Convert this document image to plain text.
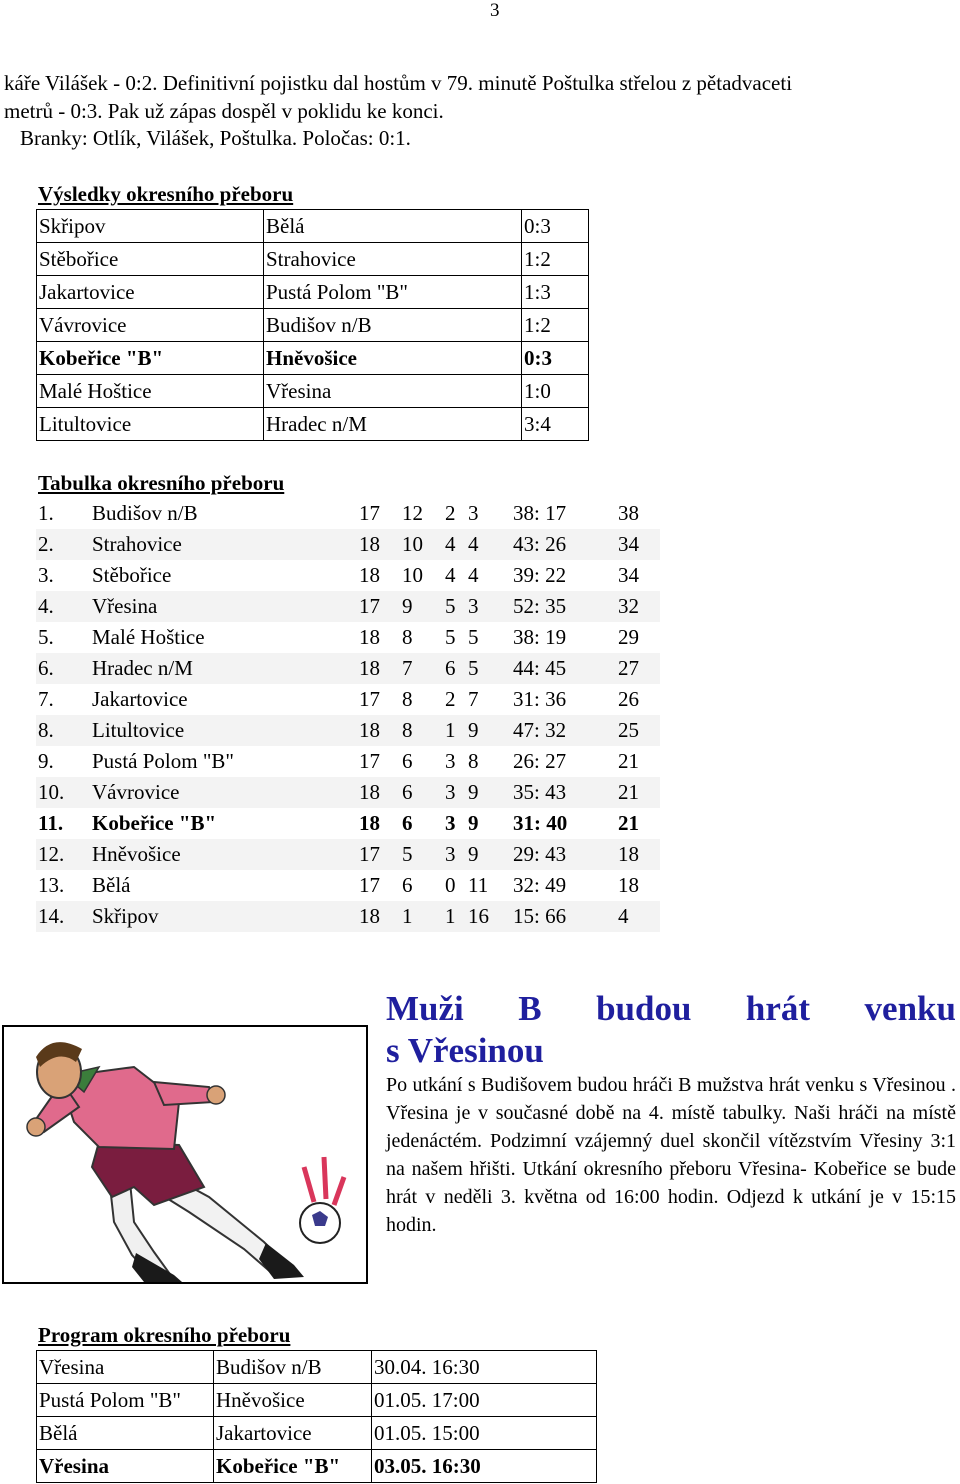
3
káře Vilášek - 0:2. Definitivní pojistku dal hostům v 79. minutě Poštulka střelou z pětadvaceti
metrů - 0:3. Pak už zápas dospěl v poklidu ke konci.
Branky: Otlík, Vilášek, Poštulka. Poločas: 0:1.
Výsledky okresního přeboru
Skřipov	Bělá	0:3
Stěbořice	Strahovice	1:2
Jakartovice	Pustá Polom "B"	1:3
Vávrovice	Budišov n/B	1:2
Kobeřice "B"	Hněvošice	0:3
Malé Hoštice	Vřesina	1:0
Litultovice	Hradec n/M	3:4
Tabulka okresního přeboru
1. Budišov n/B	17 12 2 3 38: 17 38
2. Strahovice	18 10 4 4 43: 26 34
3. Stěbořice	18 10 4 4 39: 22 34
4. Vřesina	17 9 5 3 52: 35 32
5. Malé Hoštice	18 8 5 5 38: 19 29
6. Hradec n/M	18 7 6 5 44: 45 27
7. Jakartovice	17 8 2 7 31: 36 26
8. Litultovice	18 8 1 9 47: 32 25
9. Pustá Polom "B"	17 6 3 8 26: 27 21
10. Vávrovice	18 6 3 9 35: 43 21
11. Kobeřice "B"	18 6 3 9 31: 40 21
12. Hněvošice	17 5 3 9 29: 43 18
13. Bělá	17 6 0 11 32: 49 18
14. Skřipov	18 1 1 16 15: 66 4
Muži B budou hrát venku
s Vřesinou
Po utkání s Budišovem budou hráči B mužstva hrát venku s Vřesinou . Vřesina je v současné době na 4. místě tabulky. Naši hráči na místě jedenáctém. Podzimní vzájemný duel skončil vítězstvím Vřesiny 3:1 na našem hřišti. Utkání okresního přeboru Vřesina- Kobeřice se bude hrát v neděli 3. května od 16:00 hodin. Odjezd k utkání je v 15:15 hodin.
Program okresního přeboru
Vřesina	Budišov n/B	30.04. 16:30
Pustá Polom "B"	Hněvošice	01.05. 17:00
Bělá	Jakartovice	01.05. 15:00
Vřesina	Kobeřice "B"	03.05. 16:30
